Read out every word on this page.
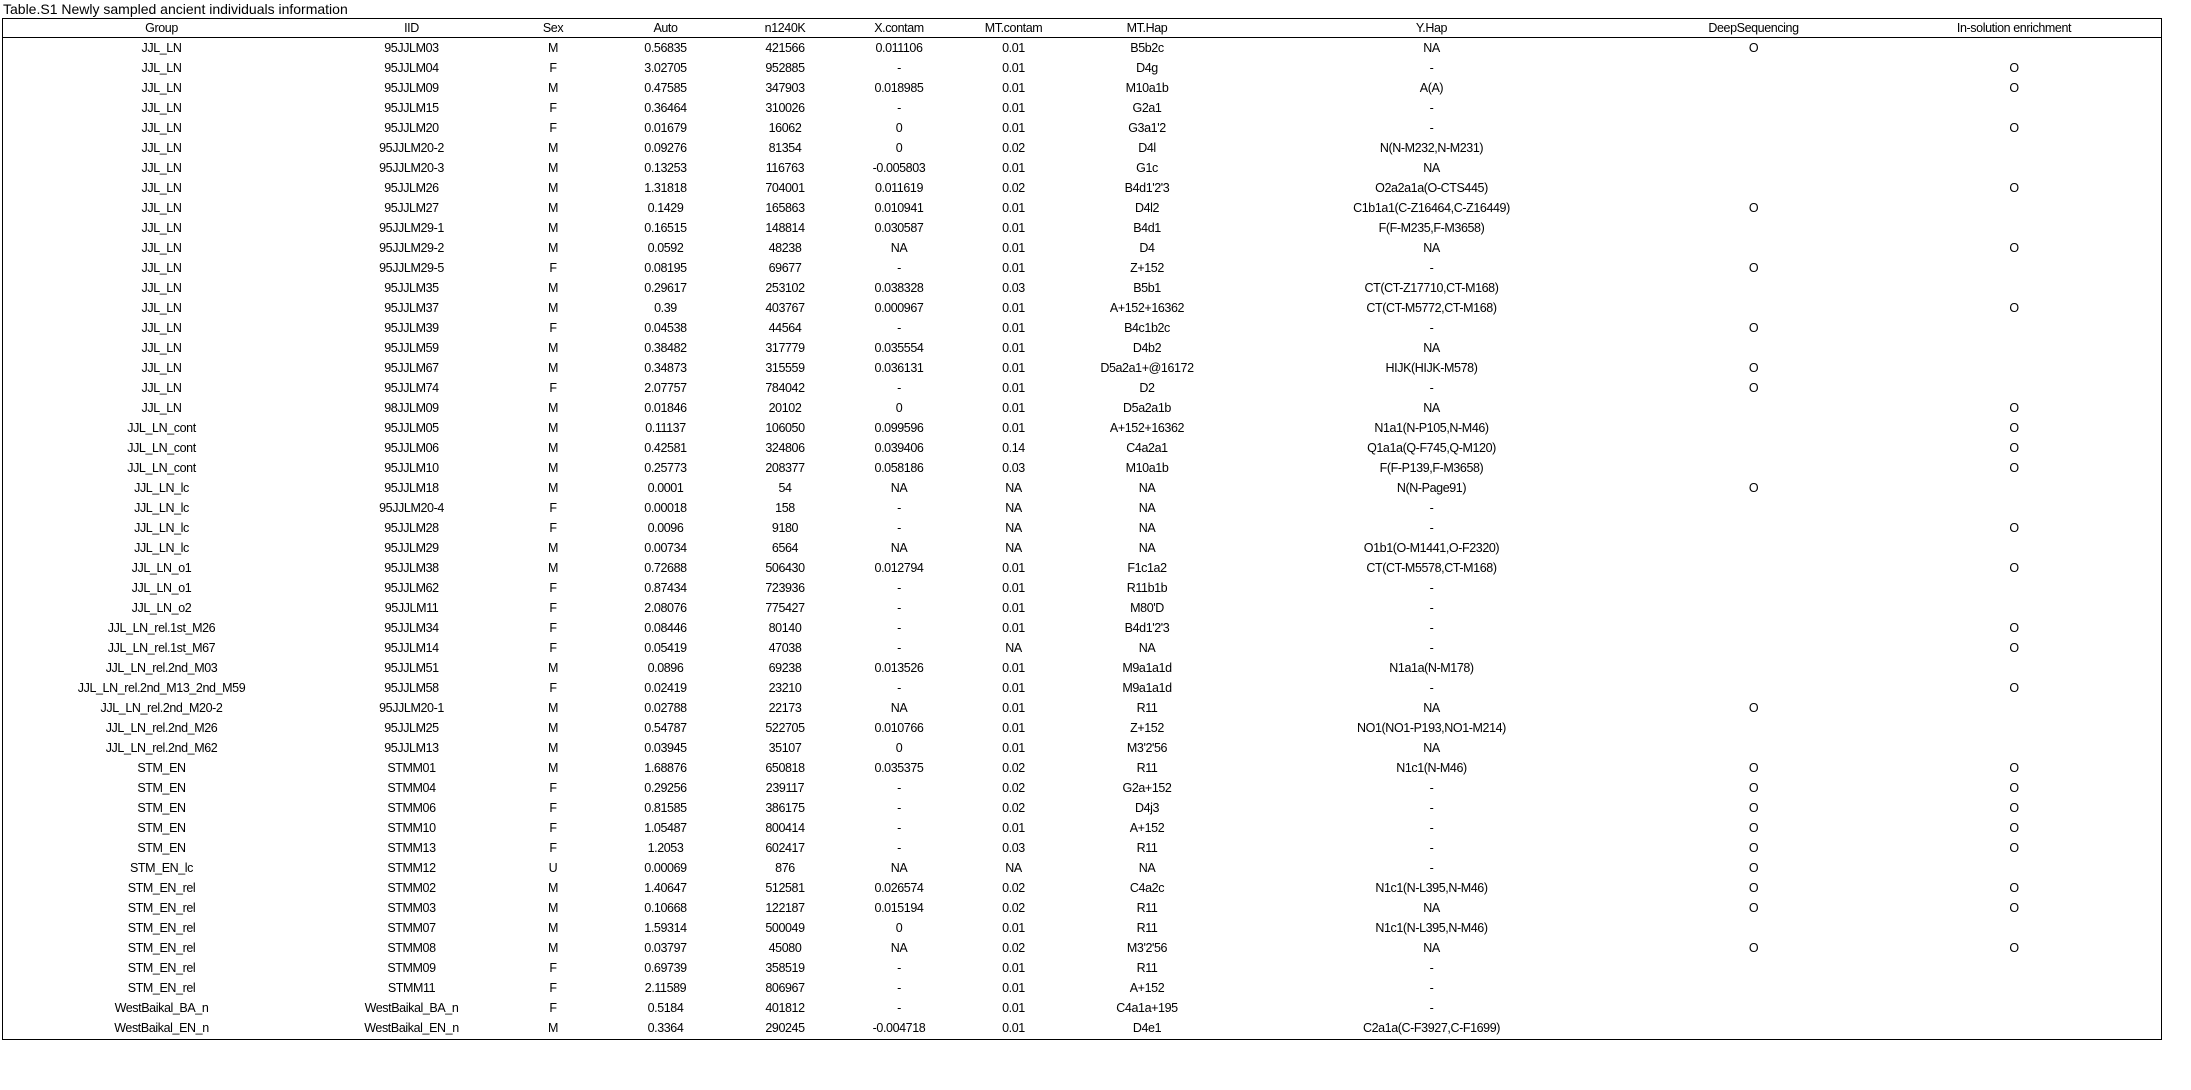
Table.S1 Newly sampled ancient individuals information
Group	IID	Sex	Auto	n1240K	X.contam	MT.contam	MT.Hap	Y.Hap	DeepSequencing	In-solution enrichment
JJL_LN	95JJLM03	M	0.56835	421566	0.011106	0.01	B5b2c	NA	O	
JJL_LN	95JJLM04	F	3.02705	952885	-	0.01	D4g	-		O
JJL_LN	95JJLM09	M	0.47585	347903	0.018985	0.01	M10a1b	A(A)		O
JJL_LN	95JJLM15	F	0.36464	310026	-	0.01	G2a1	-		
JJL_LN	95JJLM20	F	0.01679	16062	0	0.01	G3a1'2	-		O
JJL_LN	95JJLM20-2	M	0.09276	81354	0	0.02	D4l	N(N-M232,N-M231)		
JJL_LN	95JJLM20-3	M	0.13253	116763	-0.005803	0.01	G1c	NA		
JJL_LN	95JJLM26	M	1.31818	704001	0.011619	0.02	B4d1'2'3	O2a2a1a(O-CTS445)		O
JJL_LN	95JJLM27	M	0.1429	165863	0.010941	0.01	D4l2	C1b1a1(C-Z16464,C-Z16449)	O	
JJL_LN	95JJLM29-1	M	0.16515	148814	0.030587	0.01	B4d1	F(F-M235,F-M3658)		
JJL_LN	95JJLM29-2	M	0.0592	48238	NA	0.01	D4	NA		O
JJL_LN	95JJLM29-5	F	0.08195	69677	-	0.01	Z+152	-	O	
JJL_LN	95JJLM35	M	0.29617	253102	0.038328	0.03	B5b1	CT(CT-Z17710,CT-M168)		
JJL_LN	95JJLM37	M	0.39	403767	0.000967	0.01	A+152+16362	CT(CT-M5772,CT-M168)		O
JJL_LN	95JJLM39	F	0.04538	44564	-	0.01	B4c1b2c	-	O	
JJL_LN	95JJLM59	M	0.38482	317779	0.035554	0.01	D4b2	NA		
JJL_LN	95JJLM67	M	0.34873	315559	0.036131	0.01	D5a2a1+@16172	HIJK(HIJK-M578)	O	
JJL_LN	95JJLM74	F	2.07757	784042	-	0.01	D2	-	O	
JJL_LN	98JJLM09	M	0.01846	20102	0	0.01	D5a2a1b	NA		O
JJL_LN_cont	95JJLM05	M	0.11137	106050	0.099596	0.01	A+152+16362	N1a1(N-P105,N-M46)		O
JJL_LN_cont	95JJLM06	M	0.42581	324806	0.039406	0.14	C4a2a1	Q1a1a(Q-F745,Q-M120)		O
JJL_LN_cont	95JJLM10	M	0.25773	208377	0.058186	0.03	M10a1b	F(F-P139,F-M3658)		O
JJL_LN_lc	95JJLM18	M	0.0001	54	NA	NA	NA	N(N-Page91)	O	
JJL_LN_lc	95JJLM20-4	F	0.00018	158	-	NA	NA	-		
JJL_LN_lc	95JJLM28	F	0.0096	9180	-	NA	NA	-		O
JJL_LN_lc	95JJLM29	M	0.00734	6564	NA	NA	NA	O1b1(O-M1441,O-F2320)		
JJL_LN_o1	95JJLM38	M	0.72688	506430	0.012794	0.01	F1c1a2	CT(CT-M5578,CT-M168)		O
JJL_LN_o1	95JJLM62	F	0.87434	723936	-	0.01	R11b1b	-		
JJL_LN_o2	95JJLM11	F	2.08076	775427	-	0.01	M80'D	-		
JJL_LN_rel.1st_M26	95JJLM34	F	0.08446	80140	-	0.01	B4d1'2'3	-		O
JJL_LN_rel.1st_M67	95JJLM14	F	0.05419	47038	-	NA	NA	-		O
JJL_LN_rel.2nd_M03	95JJLM51	M	0.0896	69238	0.013526	0.01	M9a1a1d	N1a1a(N-M178)		
JJL_LN_rel.2nd_M13_2nd_M59	95JJLM58	F	0.02419	23210	-	0.01	M9a1a1d	-		O
JJL_LN_rel.2nd_M20-2	95JJLM20-1	M	0.02788	22173	NA	0.01	R11	NA	O	
JJL_LN_rel.2nd_M26	95JJLM25	M	0.54787	522705	0.010766	0.01	Z+152	NO1(NO1-P193,NO1-M214)		
JJL_LN_rel.2nd_M62	95JJLM13	M	0.03945	35107	0	0.01	M3'2'56	NA		
STM_EN	STMM01	M	1.68876	650818	0.035375	0.02	R11	N1c1(N-M46)	O	O
STM_EN	STMM04	F	0.29256	239117	-	0.02	G2a+152	-	O	O
STM_EN	STMM06	F	0.81585	386175	-	0.02	D4j3	-	O	O
STM_EN	STMM10	F	1.05487	800414	-	0.01	A+152	-	O	O
STM_EN	STMM13	F	1.2053	602417	-	0.03	R11	-	O	O
STM_EN_lc	STMM12	U	0.00069	876	NA	NA	NA	-	O	
STM_EN_rel	STMM02	M	1.40647	512581	0.026574	0.02	C4a2c	N1c1(N-L395,N-M46)	O	O
STM_EN_rel	STMM03	M	0.10668	122187	0.015194	0.02	R11	NA	O	O
STM_EN_rel	STMM07	M	1.59314	500049	0	0.01	R11	N1c1(N-L395,N-M46)		
STM_EN_rel	STMM08	M	0.03797	45080	NA	0.02	M3'2'56	NA	O	O
STM_EN_rel	STMM09	F	0.69739	358519	-	0.01	R11	-		
STM_EN_rel	STMM11	F	2.11589	806967	-	0.01	A+152	-		
WestBaikal_BA_n	WestBaikal_BA_n	F	0.5184	401812	-	0.01	C4a1a+195	-		
WestBaikal_EN_n	WestBaikal_EN_n	M	0.3364	290245	-0.004718	0.01	D4e1	C2a1a(C-F3927,C-F1699)		
